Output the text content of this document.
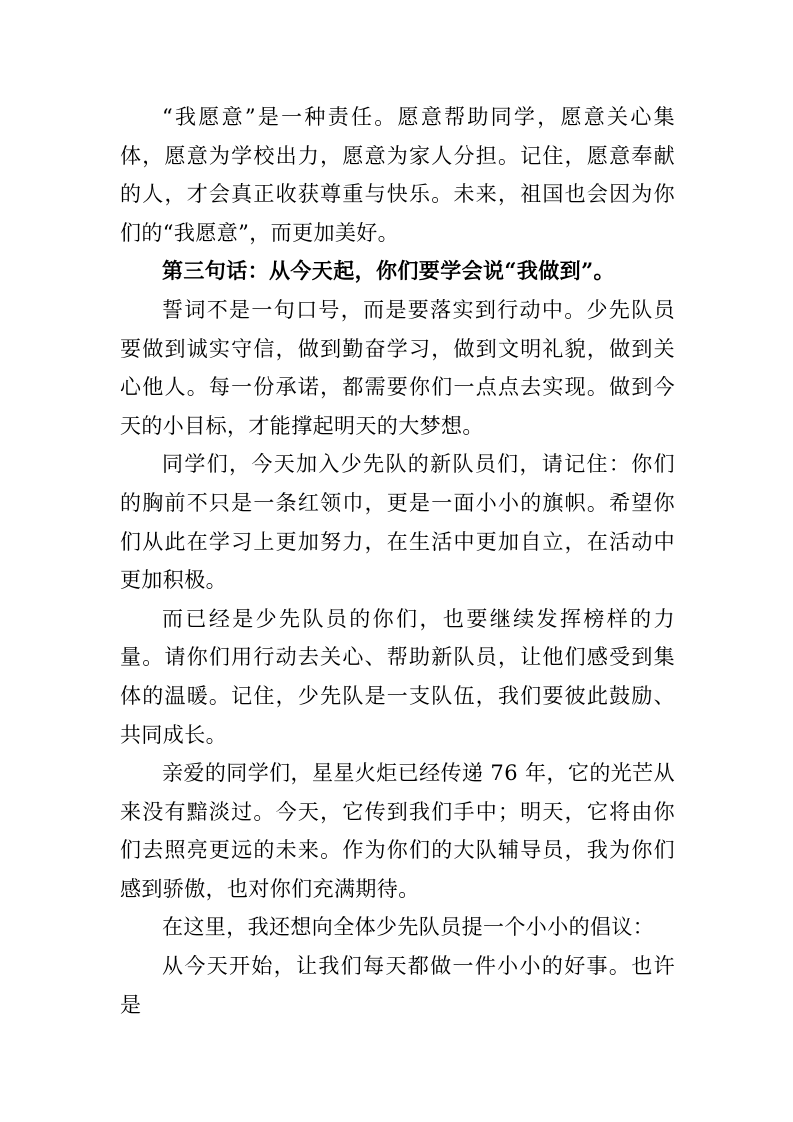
“我愿意”是一种责任。愿意帮助同学，愿意关心集体，愿意为学校出力，愿意为家人分担。记住，愿意奉献的人，才会真正收获尊重与快乐。未来，祖国也会因为你们的“我愿意”，而更加美好。

第三句话：从今天起，你们要学会说“我做到”。

誓词不是一句口号，而是要落实到行动中。少先队员要做到诚实守信，做到勤奋学习，做到文明礼貌，做到关心他人。每一份承诺，都需要你们一点点去实现。做到今天的小目标，才能撑起明天的大梦想。

同学们，今天加入少先队的新队员们，请记住：你们的胸前不只是一条红领巾，更是一面小小的旗帜。希望你们从此在学习上更加努力，在生活中更加自立，在活动中更加积极。

而已经是少先队员的你们，也要继续发挥榜样的力量。请你们用行动去关心、帮助新队员，让他们感受到集体的温暖。记住，少先队是一支队伍，我们要彼此鼓励、共同成长。

亲爱的同学们，星星火炬已经传递 76 年，它的光芒从来没有黯淡过。今天，它传到我们手中；明天，它将由你们去照亮更远的未来。作为你们的大队辅导员，我为你们感到骄傲，也对你们充满期待。

在这里，我还想向全体少先队员提一个小小的倡议：

从今天开始，让我们每天都做一件小小的好事。也许是
